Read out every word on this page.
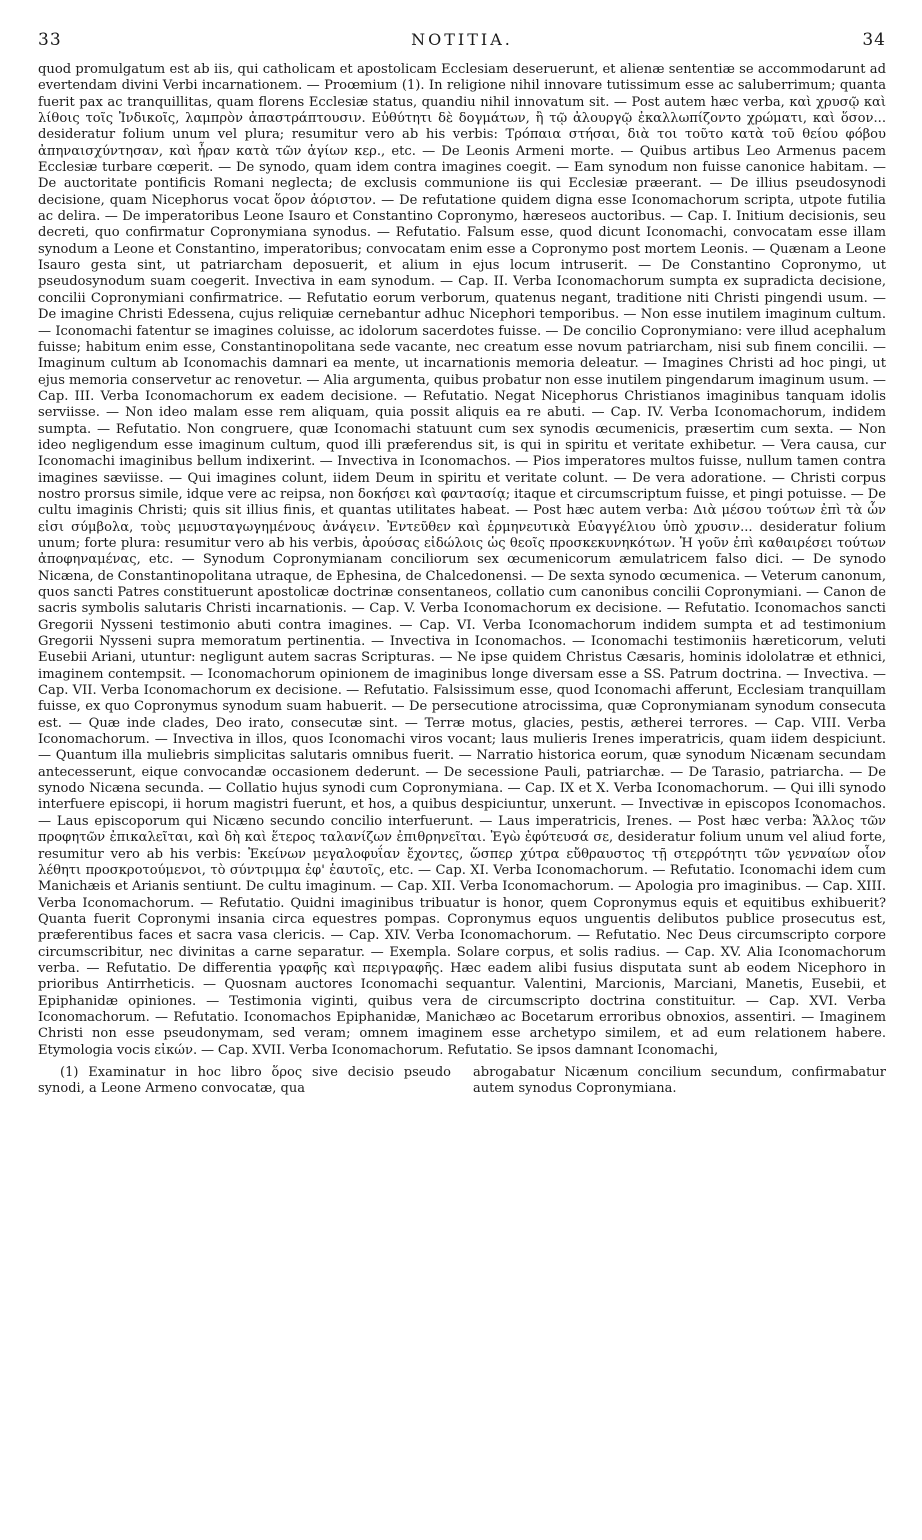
33	NOTITIA.	34
quod promulgatum est ab iis, qui catholicam et apostolicam Ecclesiam deseruerunt, et alienæ sententiæ se accommodarunt ad evertendam divini Verbi incarnationem. — Proœmium (1). In religione nihil innovare tutissimum esse ac saluberrimum; quanta fuerit pax ac tranquillitas, quam florens Ecclesiæ status, quandiu nihil innovatum sit. — Post autem hæc verba, καὶ χρυσῷ καὶ λίθοις τοῖς Ἰνδικοῖς, λαμπρὸν ἀπαστράπτουσιν. Εὐθύτητι δὲ δογμάτων, ἢ τῷ ἀλουργῷ ἐκαλλωπίζοντο χρώματι, καὶ ὅσον... desideratur folium unum vel plura; resumitur vero ab his verbis: Τρόπαια στήσαι, διὰ τοι τοῦτο κατὰ τοῦ θείου φόβου ἀπηναισχύντησαν, καὶ ἦραν κατὰ τῶν ἁγίων κερ., etc. — De Leonis Armeni morte. — Quibus artibus Leo Armenus pacem Ecclesiæ turbare cœperit. — De synodo, quam idem contra imagines coegit. — Eam synodum non fuisse canonice habitam. — De auctoritate pontificis Romani neglecta; de exclusis communione iis qui Ecclesiæ præerant. — De illius pseudosynodi decisione, quam Nicephorus vocat ὅρον ἀόριστον. — De refutatione quidem digna esse Iconomachorum scripta, utpote futilia ac delira. — De imperatoribus Leone Isauro et Constantino Copronymo, hæreseos auctoribus. — Cap. I. Initium decisionis, seu decreti, quo confirmatur Copronymiana synodus. — Refutatio. Falsum esse, quod dicunt Iconomachi, convocatam esse illam synodum a Leone et Constantino, imperatoribus; convocatam enim esse a Copronymo post mortem Leonis. — Quænam a Leone Isauro gesta sint, ut patriarcham deposuerit, et alium in ejus locum intruserit. — De Constantino Copronymo, ut pseudosynodum suam coegerit. Invectiva in eam synodum. — Cap. II. Verba Iconomachorum sumpta ex supradicta decisione, concilii Copronymiani confirmatrice. — Refutatio eorum verborum, quatenus negant, traditione niti Christi pingendi usum. — De imagine Christi Edessena, cujus reliquiæ cernebantur adhuc Nicephori temporibus. — Non esse inutilem imaginum cultum. — Iconomachi fatentur se imagines coluisse, ac idolorum sacerdotes fuisse. — De concilio Copronymiano: vere illud acephalum fuisse; habitum enim esse, Constantinopolitana sede vacante, nec creatum esse novum patriarcham, nisi sub finem concilii. — Imaginum cultum ab Iconomachis damnari ea mente, ut incarnationis memoria deleatur. — Imagines Christi ad hoc pingi, ut ejus memoria conservetur ac renovetur. — Alia argumenta, quibus probatur non esse inutilem pingendarum imaginum usum. — Cap. III. Verba Iconomachorum ex eadem decisione. — Refutatio. Negat Nicephorus Christianos imaginibus tanquam idolis serviisse. — Non ideo malam esse rem aliquam, quia possit aliquis ea re abuti. — Cap. IV. Verba Iconomachorum, indidem sumpta. — Refutatio. Non congruere, quæ Iconomachi statuunt cum sex synodis œcumenicis, præsertim cum sexta. — Non ideo negligendum esse imaginum cultum, quod illi præferendus sit, is qui in spiritu et veritate exhibetur. — Vera causa, cur Iconomachi imaginibus bellum indixerint. — Invectiva in Iconomachos. — Pios imperatores multos fuisse, nullum tamen contra imagines sæviisse. — Qui imagines colunt, iidem Deum in spiritu et veritate colunt. — De vera adoratione. — Christi corpus nostro prorsus simile, idque vere ac reipsa, non δοκήσει καὶ φαντασίᾳ; itaque et circumscriptum fuisse, et pingi potuisse. — De cultu imaginis Christi; quis sit illius finis, et quantas utilitates habeat. — Post hæc autem verba: Διὰ μέσου τούτων ἐπὶ τὰ ὧν εἰσι σύμβολα, τοὺς μεμυσταγωγημένους ἀνάγειν. Ἐντεῦθεν καὶ ἑρμηνευτικὰ Εὐαγγέλιου ὑπὸ χρυσιν... desideratur folium unum; forte plura: resumitur vero ab his verbis, ἀρούσας εἰδώλοις ὡς θεοῖς προσκεκυνηκότων. Ἡ γοῦν ἐπὶ καθαιρέσει τούτων ἀποφηναμένας, etc. — Synodum Copronymianam conciliorum sex œcumenicorum æmulatricem falso dici. — De synodo Nicæna, de Constantinopolitana utraque, de Ephesina, de Chalcedonensi. — De sexta synodo œcumenica. — Veterum canonum, quos sancti Patres constituerunt apostolicæ doctrinæ consentaneos, collatio cum canonibus concilii Copronymiani. — Canon de sacris symbolis salutaris Christi incarnationis. — Cap. V. Verba Iconomachorum ex decisione. — Refutatio. Iconomachos sancti Gregorii Nysseni testimonio abuti contra imagines. — Cap. VI. Verba Iconomachorum indidem sumpta et ad testimonium Gregorii Nysseni supra memoratum pertinentia. — Invectiva in Iconomachos. — Iconomachi testimoniis hæreticorum, veluti Eusebii Ariani, utuntur: negligunt autem sacras Scripturas. — Ne ipse quidem Christus Cæsaris, hominis idololatræ et ethnici, imaginem contempsit. — Iconomachorum opinionem de imaginibus longe diversam esse a SS. Patrum doctrina. — Invectiva. — Cap. VII. Verba Iconomachorum ex decisione. — Refutatio. Falsissimum esse, quod Iconomachi afferunt, Ecclesiam tranquillam fuisse, ex quo Copronymus synodum suam habuerit. — De persecutione atrocissima, quæ Copronymianam synodum consecuta est. — Quæ inde clades, Deo irato, consecutæ sint. — Terræ motus, glacies, pestis, ætherei terrores. — Cap. VIII. Verba Iconomachorum. — Invectiva in illos, quos Iconomachi viros vocant; laus mulieris Irenes imperatricis, quam iidem despiciunt. — Quantum illa muliebris simplicitas salutaris omnibus fuerit. — Narratio historica eorum, quæ synodum Nicænam secundam antecesserunt, eique convocandæ occasionem dederunt. — De secessione Pauli, patriarchæ. — De Tarasio, patriarcha. — De synodo Nicæna secunda. — Collatio hujus synodi cum Copronymiana. — Cap. IX et X. Verba Iconomachorum. — Qui illi synodo interfuere episcopi, ii horum magistri fuerunt, et hos, a quibus despiciuntur, unxerunt. — Invectivæ in episcopos Iconomachos. — Laus episcoporum qui Nicæno secundo concilio interfuerunt. — Laus imperatricis, Irenes. — Post hæc verba: Ἄλλος τῶν προφητῶν ἐπικαλεῖται, καὶ δὴ καὶ ἕτερος ταλανίζων ἐπιθρηνεῖται. Ἐγὼ ἐφύτευσά σε, desideratur folium unum vel aliud forte, resumitur vero ab his verbis: Ἐκείνων μεγαλοφυΐαν ἔχοντες, ὥσπερ χύτρα εὔθραυστος τῇ στερρότητι τῶν γενναίων οἷον λέθητι προσκροτούμενοι, τὸ σύντριμμα ἐφ' ἑαυτοῖς, etc. — Cap. XI. Verba Iconomachorum. — Refutatio. Iconomachi idem cum Manichæis et Arianis sentiunt. De cultu imaginum. — Cap. XII. Verba Iconomachorum. — Apologia pro imaginibus. — Cap. XIII. Verba Iconomachorum. — Refutatio. Quidni imaginibus tribuatur is honor, quem Copronymus equis et equitibus exhibuerit? Quanta fuerit Copronymi insania circa equestres pompas. Copronymus equos unguentis delibutos publice prosecutus est, præferentibus faces et sacra vasa clericis. — Cap. XIV. Verba Iconomachorum. — Refutatio. Nec Deus circumscripto corpore circumscribitur, nec divinitas a carne separatur. — Exempla. Solare corpus, et solis radius. — Cap. XV. Alia Iconomachorum verba. — Refutatio. De differentia γραφῆς καὶ περιγραφῆς. Hæc eadem alibi fusius disputata sunt ab eodem Nicephoro in prioribus Antirrheticis. — Quosnam auctores Iconomachi sequantur. Valentini, Marcionis, Marciani, Manetis, Eusebii, et Epiphanidæ opiniones. — Testimonia viginti, quibus vera de circumscripto doctrina constituitur. — Cap. XVI. Verba Iconomachorum. — Refutatio. Iconomachos Epiphanidæ, Manichæo ac Bocetarum erroribus obnoxios, assentiri. — Imaginem Christi non esse pseudonymam, sed veram; omnem imaginem esse archetypo similem, et ad eum relationem habere. Etymologia vocis εἰκών. — Cap. XVII. Verba Iconomachorum. Refutatio. Se ipsos damnant Iconomachi,
(1) Examinatur in hoc libro ὅρος sive decisio pseudo synodi, a Leone Armeno convocatæ, qua
abrogabatur Nicænum concilium secundum, confirmabatur autem synodus Copronymiana.
